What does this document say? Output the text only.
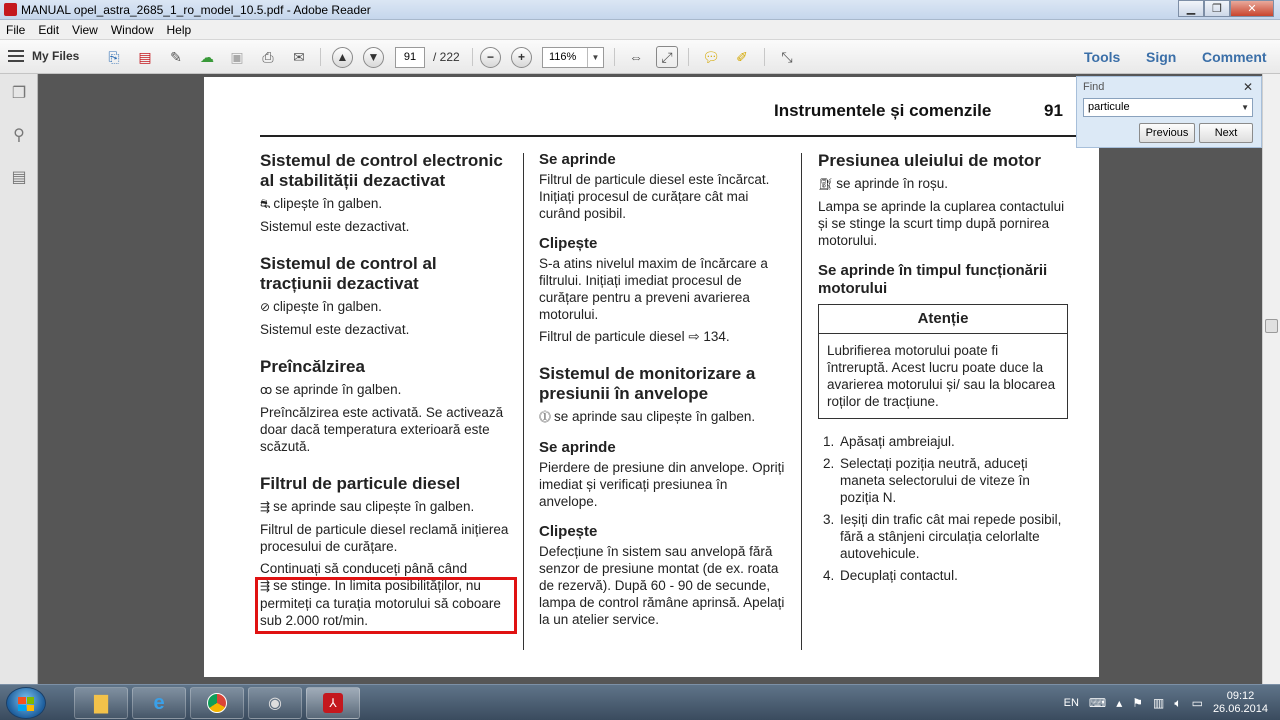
MANUAL opel_astra_2685_1_ro_model_10.5.pdf - Adobe Reader	▁	❐	✕
File Edit View Window Help
My Files	⎘	▤	✎	☁	▣	⎙	✉	▲	▼	91	/ 222	−	+	116%	▼ ⇔	⤢	💬︎	✐	⤡	Tools Sign Comment
❐
⚲
▤
Instrumentele și comenzile	91
Sistemul de control electronic al stabilității dezactivat
⛐ clipește în galben.
Sistemul este dezactivat.
Sistemul de control al tracțiunii dezactivat
⊘ clipește în galben.
Sistemul este dezactivat.
Preîncălzirea
ꝏ se aprinde în galben.
Preîncălzirea este activată. Se activează doar dacă temperatura exterioară este scăzută.
Filtrul de particule diesel
⇶ se aprinde sau clipește în galben.
Filtrul de particule diesel reclamă inițierea procesului de curățare.
Continuați să conduceți până când
⇶ se stinge. În limita posibilităților, nu permiteți ca turația motorului să coboare sub 2.000 rot/min.
Se aprinde
Filtrul de particule diesel este încărcat. Inițiați procesul de curățare cât mai curând posibil.
Clipește
S-a atins nivelul maxim de încărcare a filtrului. Inițiați imediat procesul de curățare pentru a preveni avarierea motorului.
Filtrul de particule diesel ⇨ 134.
Sistemul de monitorizare a presiunii în anvelope
⓵ se aprinde sau clipește în galben.
Se aprinde
Pierdere de presiune din anvelope. Opriți imediat și verificați presiunea în anvelope.
Clipește
Defecțiune în sistem sau anvelopă fără senzor de presiune montat (de ex. roata de rezervă). După 60 - 90 de secunde, lampa de control rămâne aprinsă. Apelați la un atelier service.
Presiunea uleiului de motor
⛽︎ se aprinde în roșu.
Lampa se aprinde la cuplarea contactului și se stinge la scurt timp după pornirea motorului.
Se aprinde în timpul funcționării motorului
Atenție
Lubrifierea motorului poate fi întreruptă. Acest lucru poate duce la avarierea motorului și/ sau la blocarea roților de tracțiune.
1. Apăsați ambreiajul.
2. Selectați poziția neutră, aduceți maneta selectorului de viteze în poziția N.
3. Ieșiți din trafic cât mai repede posibil, fără a stânjeni circulația celorlalte autovehicule.
4. Decuplați contactul.
Find	✕
particule	▼
Previous	Next
▇ e	◉	⅄	EN ⌨ ▴ ⚑ ▥ 🔈︎ ▭	09:12
26.06.2014
